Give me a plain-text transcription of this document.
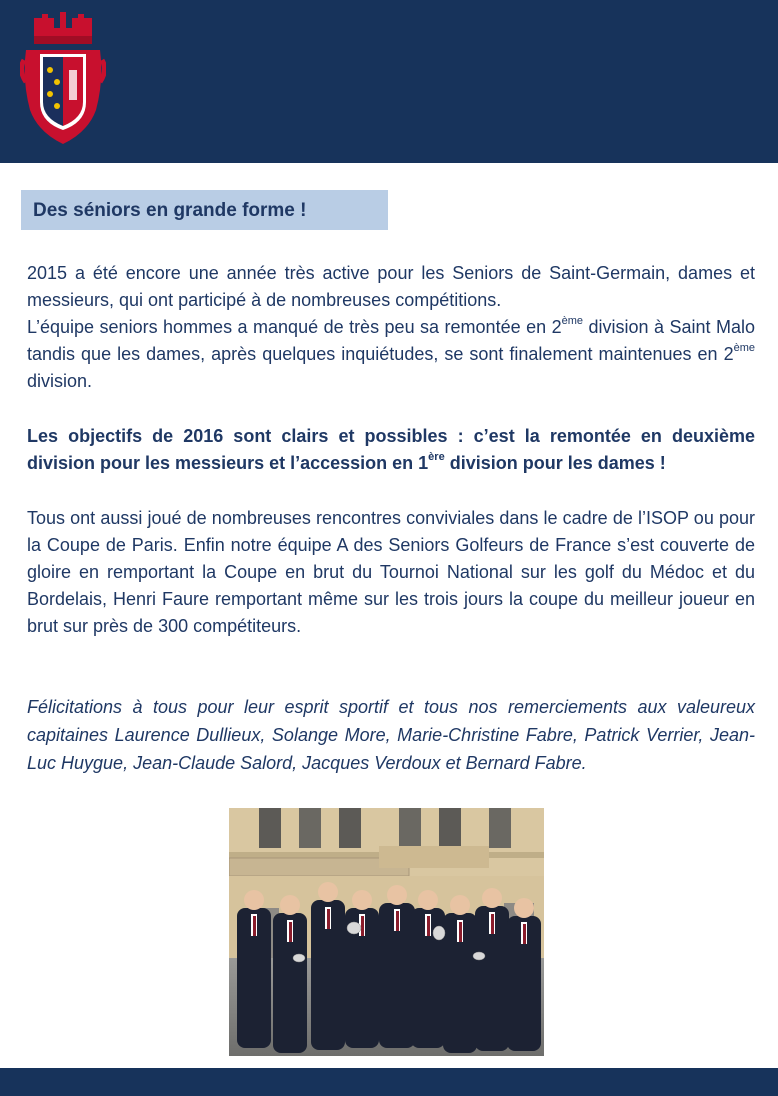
Des séniors en grande forme !

2015 a été encore une année très active pour les Seniors de Saint-Germain, dames et messieurs, qui ont participé à de nombreuses compétitions.
L’équipe seniors hommes a manqué de très peu sa remontée en 2ème division à Saint Malo tandis que les dames, après quelques inquiétudes, se sont finalement maintenues en 2ème division.

Les objectifs de 2016 sont clairs et possibles : c’est la remontée en deuxième division pour les messieurs et l’accession en 1ère division pour les dames !

Tous ont aussi joué de nombreuses rencontres conviviales dans le cadre de l’ISOP ou pour la Coupe de Paris. Enfin notre équipe A des Seniors Golfeurs de France s’est couverte de gloire en remportant la Coupe en brut du Tournoi National sur les golf du Médoc et du Bordelais, Henri Faure remportant même sur les trois jours la coupe du meilleur joueur en brut sur près de 300 compétiteurs.

Félicitations à tous pour leur esprit sportif et tous nos remerciements aux valeureux capitaines Laurence Dullieux, Solange More, Marie-Christine Fabre, Patrick Verrier, Jean-Luc Huygue, Jean-Claude Salord, Jacques Verdoux et Bernard Fabre.
